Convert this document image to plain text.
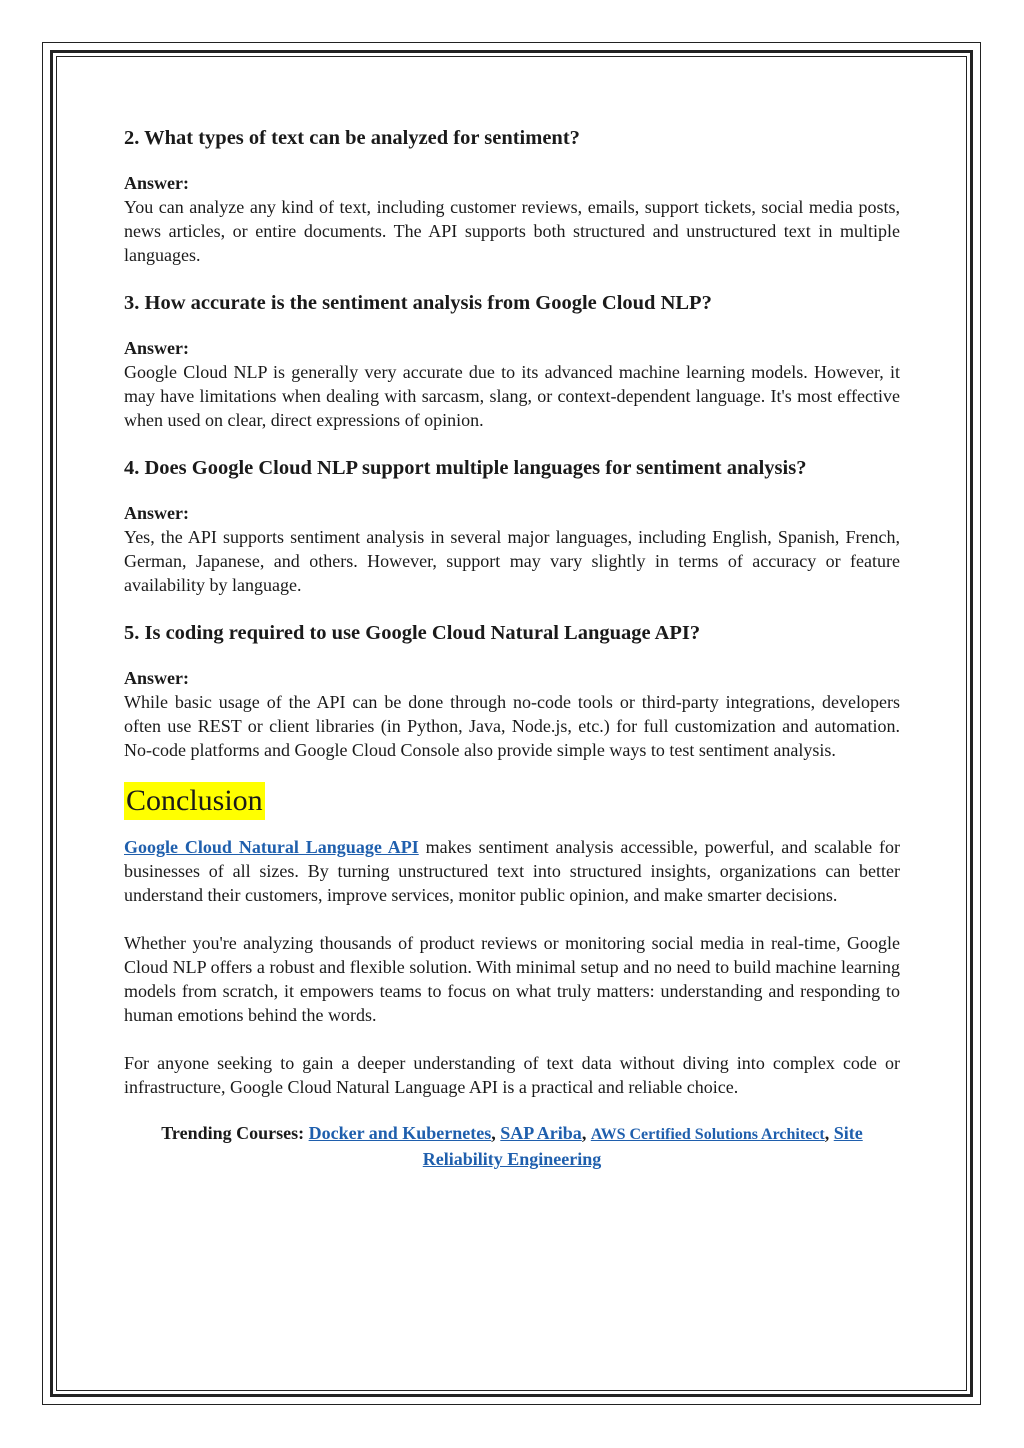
2. What types of text can be analyzed for sentiment?
Answer:

You can analyze any kind of text, including customer reviews, emails, support tickets, social media posts, news articles, or entire documents. The API supports both structured and unstructured text in multiple languages.

3. How accurate is the sentiment analysis from Google Cloud NLP?
Answer:

Google Cloud NLP is generally very accurate due to its advanced machine learning models. However, it may have limitations when dealing with sarcasm, slang, or context-dependent language. It's most effective when used on clear, direct expressions of opinion.

4. Does Google Cloud NLP support multiple languages for sentiment analysis?
Answer:

Yes, the API supports sentiment analysis in several major languages, including English, Spanish, French, German, Japanese, and others. However, support may vary slightly in terms of accuracy or feature availability by language.

5. Is coding required to use Google Cloud Natural Language API?
Answer:

While basic usage of the API can be done through no-code tools or third-party integrations, developers often use REST or client libraries (in Python, Java, Node.js, etc.) for full customization and automation. No-code platforms and Google Cloud Console also provide simple ways to test sentiment analysis.

Conclusion

Google Cloud Natural Language API makes sentiment analysis accessible, powerful, and scalable for businesses of all sizes. By turning unstructured text into structured insights, organizations can better understand their customers, improve services, monitor public opinion, and make smarter decisions.

Whether you're analyzing thousands of product reviews or monitoring social media in real-time, Google Cloud NLP offers a robust and flexible solution. With minimal setup and no need to build machine learning models from scratch, it empowers teams to focus on what truly matters: understanding and responding to human emotions behind the words.

For anyone seeking to gain a deeper understanding of text data without diving into complex code or infrastructure, Google Cloud Natural Language API is a practical and reliable choice.

Trending Courses: Docker and Kubernetes, SAP Ariba, AWS Certified Solutions Architect, Site Reliability Engineering
